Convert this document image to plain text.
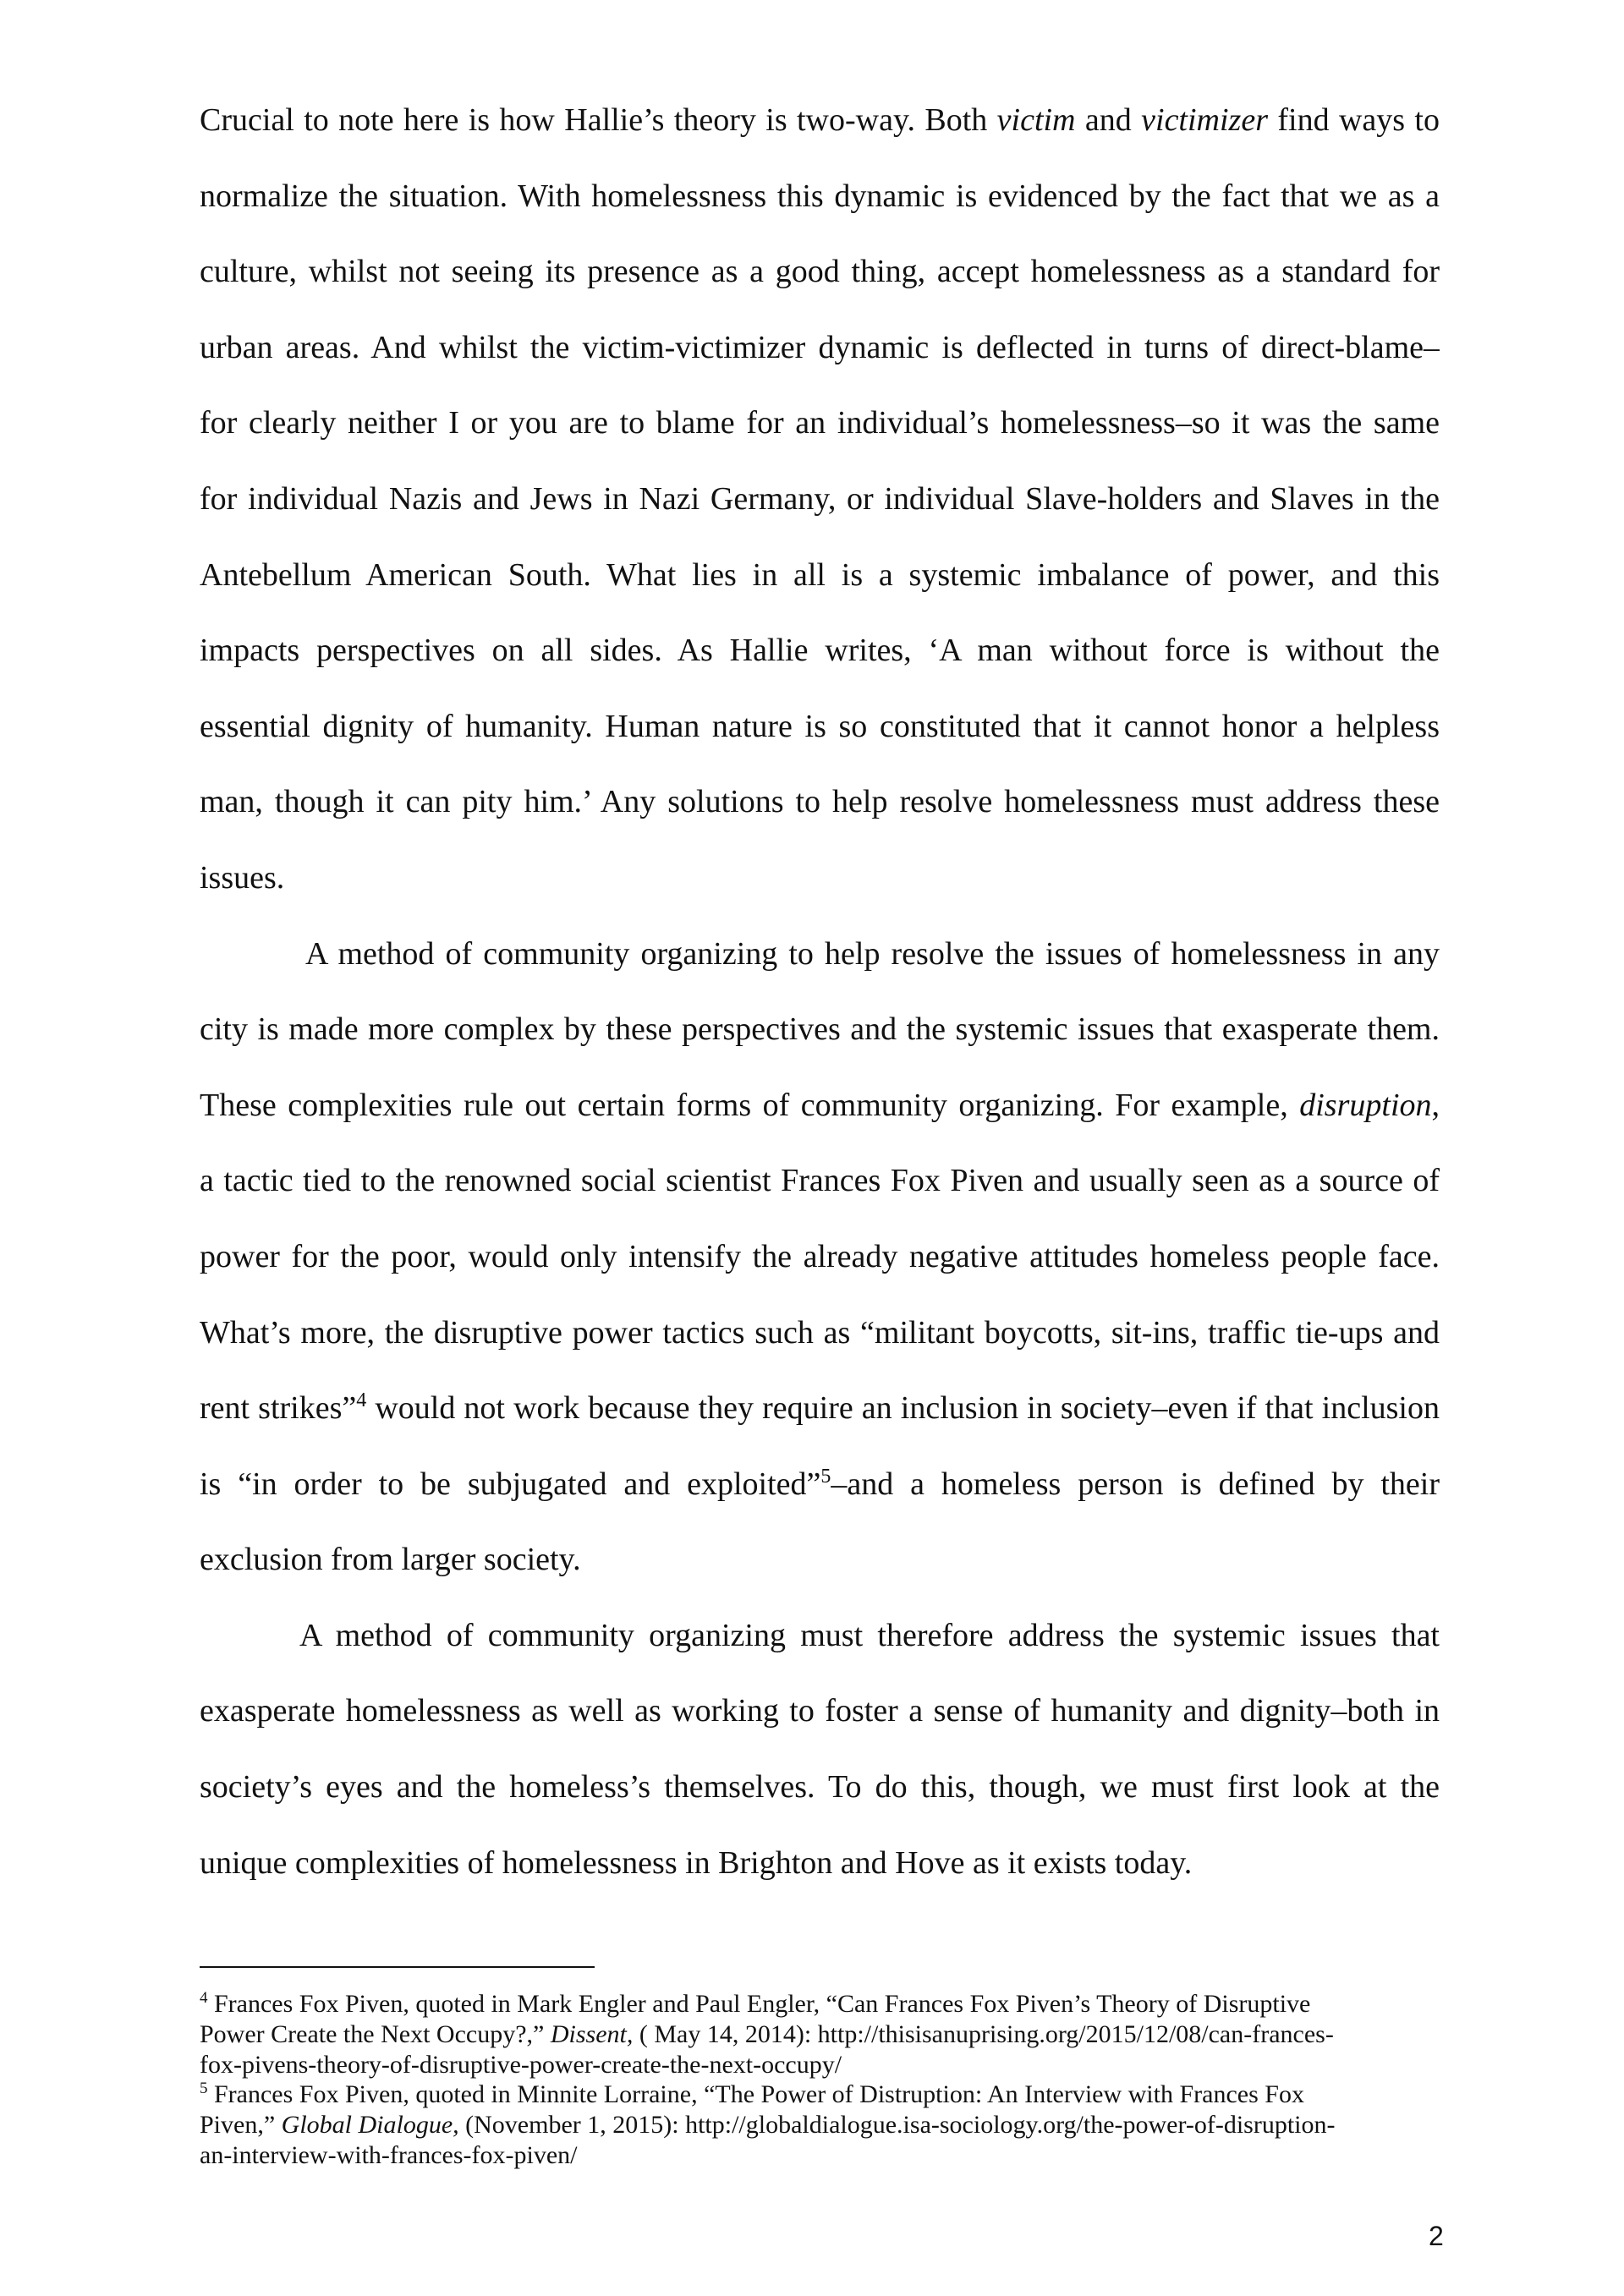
Crucial to note here is how Hallie’s theory is two-way. Both victim and victimizer find ways to
normalize the situation. With homelessness this dynamic is evidenced by the fact that we as a
culture, whilst not seeing its presence as a good thing, accept homelessness as a standard for
urban areas. And whilst the victim-victimizer dynamic is deflected in turns of direct-blame–
for clearly neither I or you are to blame for an individual’s homelessness–so it was the same
for individual Nazis and Jews in Nazi Germany, or individual Slave-holders and Slaves in the
Antebellum American South. What lies in all is a systemic imbalance of power, and this
impacts perspectives on all sides. As Hallie writes, ‘A man without force is without the
essential dignity of humanity. Human nature is so constituted that it cannot honor a helpless
man, though it can pity him.’ Any solutions to help resolve homelessness must address these
issues.
A method of community organizing to help resolve the issues of homelessness in any
city is made more complex by these perspectives and the systemic issues that exasperate them.
These complexities rule out certain forms of community organizing. For example, disruption,
a tactic tied to the renowned social scientist Frances Fox Piven and usually seen as a source of
power for the poor, would only intensify the already negative attitudes homeless people face.
What’s more, the disruptive power tactics such as “militant boycotts, sit-ins, traffic tie-ups and
rent strikes”$^4$ would not work because they require an inclusion in society–even if that inclusion
is “in order to be subjugated and exploited”$^5$–and a homeless person is defined by their
exclusion from larger society.
A method of community organizing must therefore address the systemic issues that
exasperate homelessness as well as working to foster a sense of humanity and dignity–both in
society’s eyes and the homeless’s themselves. To do this, though, we must first look at the
unique complexities of homelessness in Brighton and Hove as it exists today.
$^4$ Frances Fox Piven, quoted in Mark Engler and Paul Engler, “Can Frances Fox Piven’s Theory of Disruptive
Power Create the Next Occupy?,” Dissent, ( May 14, 2014): http://thisisanuprising.org/2015/12/08/can-frances-
fox-pivens-theory-of-disruptive-power-create-the-next-occupy/
$^5$ Frances Fox Piven, quoted in Minnite Lorraine, “The Power of Distruption: An Interview with Frances Fox
Piven,” Global Dialogue, (November 1, 2015): http://globaldialogue.isa-sociology.org/the-power-of-disruption-
an-interview-with-frances-fox-piven/
2
